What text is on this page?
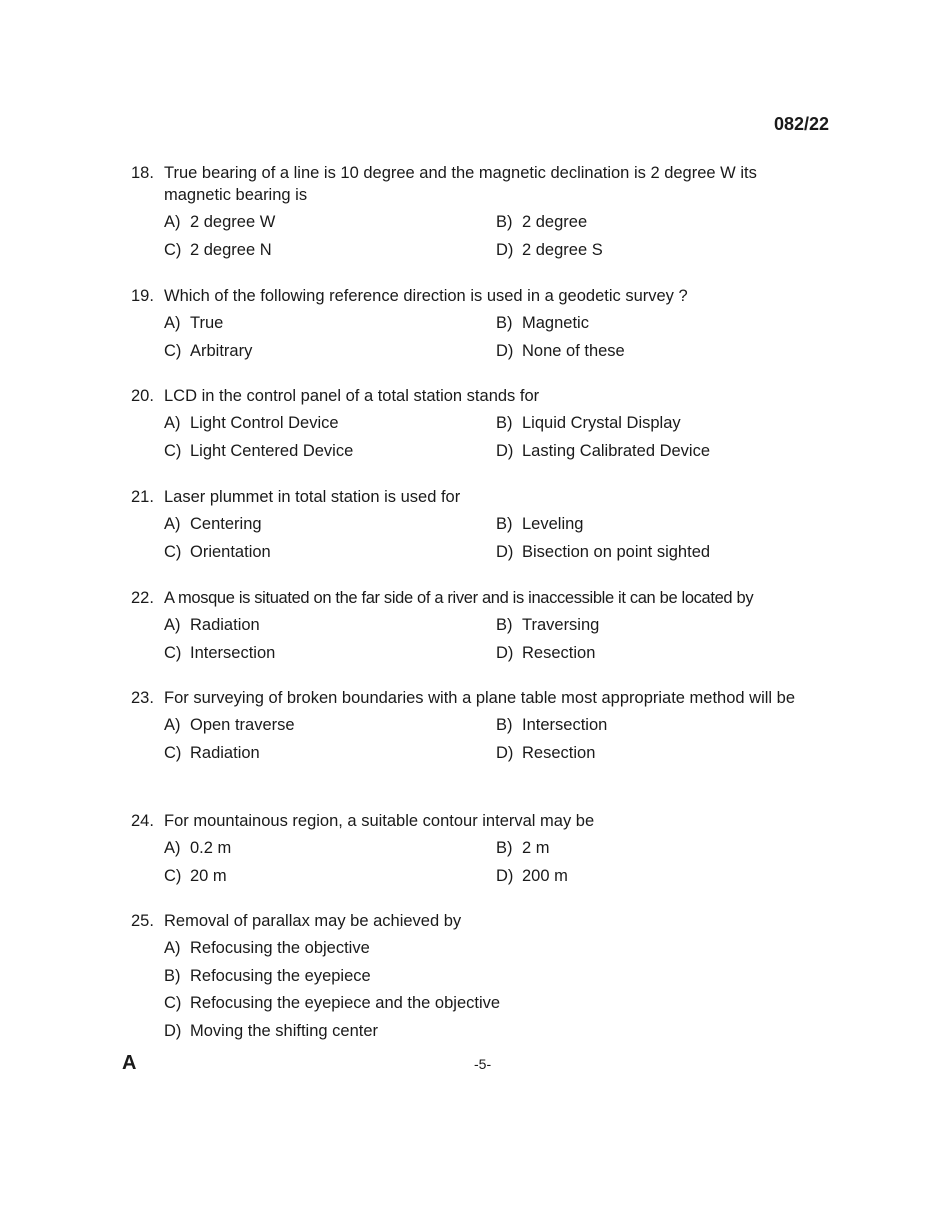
082/22
18. True bearing of a line is 10 degree and the magnetic declination is 2 degree W its magnetic bearing is
A) 2 degree W	B) 2 degree
C) 2 degree N	D) 2 degree S
19. Which of the following reference direction is used in a geodetic survey ?
A) True	B) Magnetic
C) Arbitrary	D) None of these
20. LCD in the control panel of a total station stands for
A) Light Control Device	B) Liquid Crystal Display
C) Light Centered Device	D) Lasting Calibrated Device
21. Laser plummet in total station is used for
A) Centering	B) Leveling
C) Orientation	D) Bisection on point sighted
22. A mosque is situated on the far side of a river and is inaccessible it can be located by
A) Radiation	B) Traversing
C) Intersection	D) Resection
23. For surveying of broken boundaries with a plane table most appropriate method will be
A) Open traverse	B) Intersection
C) Radiation	D) Resection
24. For mountainous region, a suitable contour interval may be
A) 0.2 m	B) 2 m
C) 20 m	D) 200 m
25. Removal of parallax may be achieved by
A) Refocusing the objective
B) Refocusing the eyepiece
C) Refocusing the eyepiece and the objective
D) Moving the shifting center
A	-5-
